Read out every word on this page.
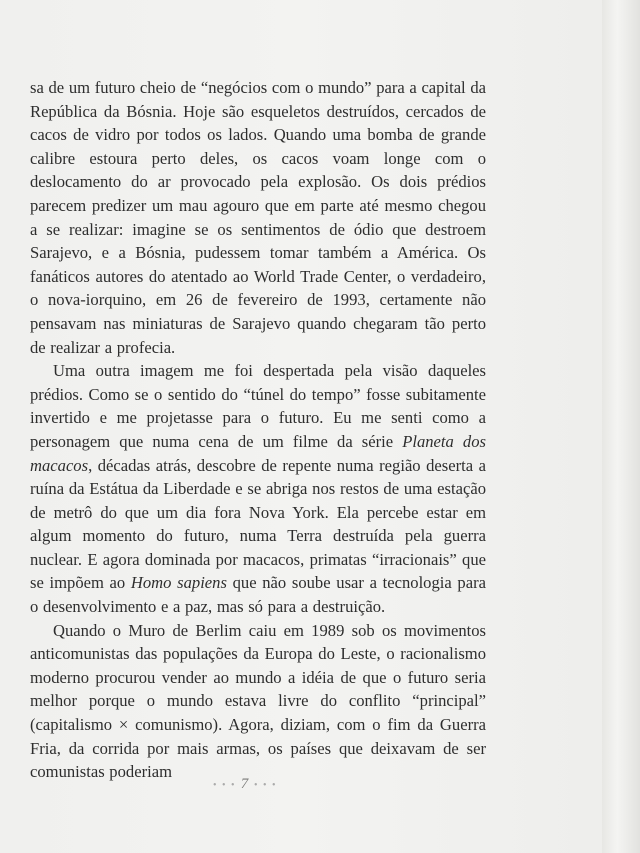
sa de um futuro cheio de “negócios com o mundo” para a capital da República da Bósnia. Hoje são esqueletos destruídos, cercados de cacos de vidro por todos os lados. Quando uma bomba de grande calibre estoura perto deles, os cacos voam longe com o deslocamento do ar provocado pela explosão. Os dois prédios parecem predizer um mau agouro que em parte até mesmo chegou a se realizar: imagine se os sentimentos de ódio que destroem Sarajevo, e a Bósnia, pudessem tomar também a América. Os fanáticos autores do atentado ao World Trade Center, o verdadeiro, o nova-iorquino, em 26 de fevereiro de 1993, certamente não pensavam nas miniaturas de Sarajevo quando chegaram tão perto de realizar a profecia.

Uma outra imagem me foi despertada pela visão daqueles prédios. Como se o sentido do “túnel do tempo” fosse subitamente invertido e me projetasse para o futuro. Eu me senti como a personagem que numa cena de um filme da série Planeta dos macacos, décadas atrás, descobre de repente numa região deserta a ruína da Estátua da Liberdade e se abriga nos restos de uma estação de metrô do que um dia fora Nova York. Ela percebe estar em algum momento do futuro, numa Terra destruída pela guerra nuclear. E agora dominada por macacos, primatas “irracionais” que se impõem ao Homo sapiens que não soube usar a tecnologia para o desenvolvimento e a paz, mas só para a destruição.

Quando o Muro de Berlim caiu em 1989 sob os movimentos anticomunistas das populações da Europa do Leste, o racionalismo moderno procurou vender ao mundo a idéia de que o futuro seria melhor porque o mundo estava livre do conflito “principal” (capitalismo × comunismo). Agora, diziam, com o fim da Guerra Fria, da corrida por mais armas, os países que deixavam de ser comunistas poderiam

• • • 7 • • •
